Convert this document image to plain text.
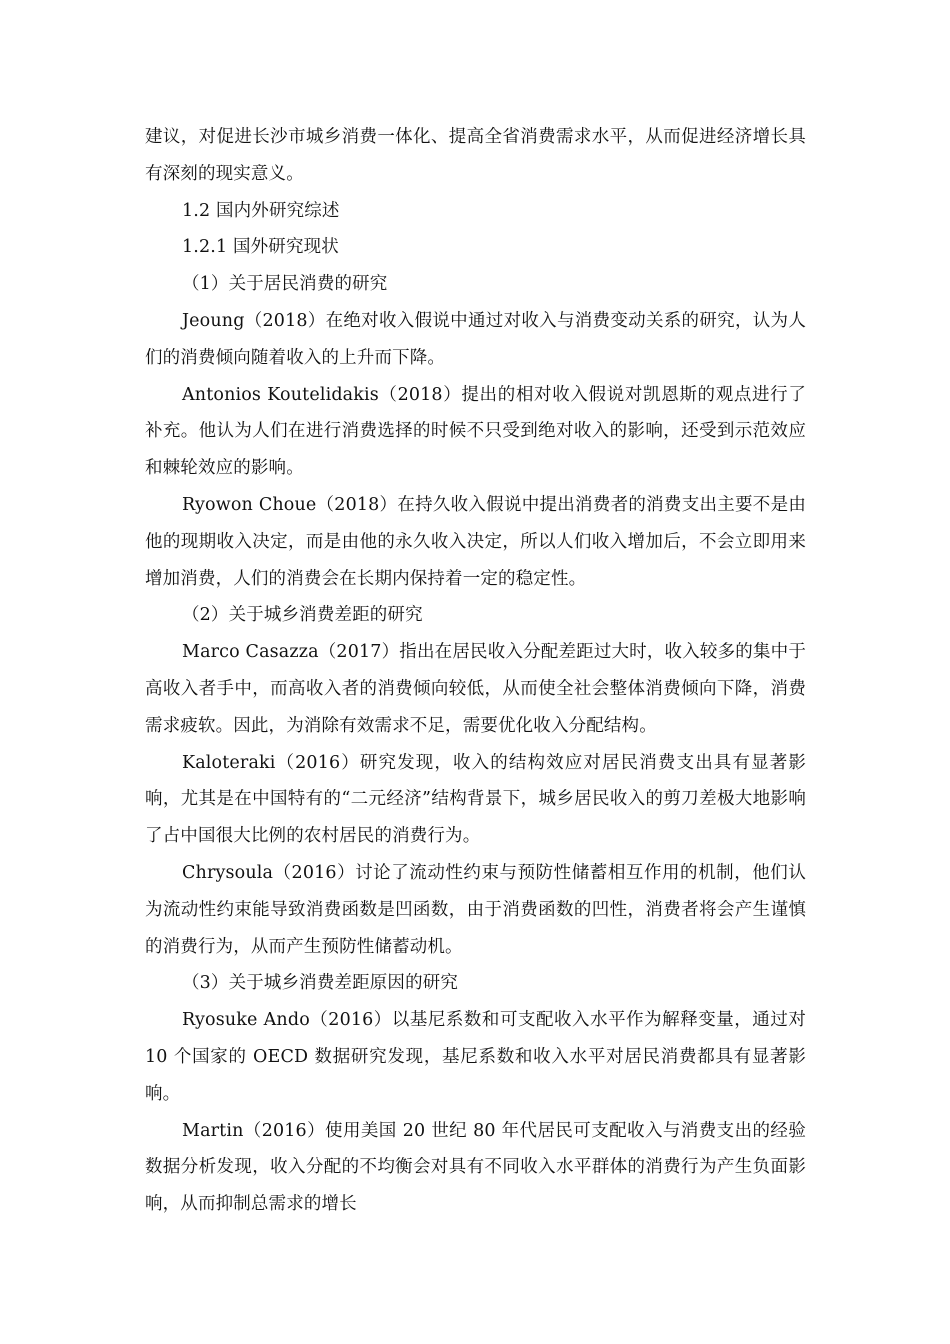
建议，对促进长沙市城乡消费一体化、提高全省消费需求水平，从而促进经济增长具有深刻的现实意义。

1.2 国内外研究综述

1.2.1 国外研究现状

（1）关于居民消费的研究

Jeoung（2018）在绝对收入假说中通过对收入与消费变动关系的研究，认为人们的消费倾向随着收入的上升而下降。

Antonios Koutelidakis（2018）提出的相对收入假说对凯恩斯的观点进行了补充。他认为人们在进行消费选择的时候不只受到绝对收入的影响，还受到示范效应和棘轮效应的影响。

Ryowon Choue（2018）在持久收入假说中提出消费者的消费支出主要不是由他的现期收入决定，而是由他的永久收入决定，所以人们收入增加后，不会立即用来增加消费，人们的消费会在长期内保持着一定的稳定性。

（2）关于城乡消费差距的研究

Marco Casazza（2017）指出在居民收入分配差距过大时，收入较多的集中于高收入者手中，而高收入者的消费倾向较低，从而使全社会整体消费倾向下降，消费需求疲软。因此，为消除有效需求不足，需要优化收入分配结构。

Kaloteraki（2016）研究发现，收入的结构效应对居民消费支出具有显著影响，尤其是在中国特有的“二元经济”结构背景下，城乡居民收入的剪刀差极大地影响了占中国很大比例的农村居民的消费行为。

Chrysoula（2016）讨论了流动性约束与预防性储蓄相互作用的机制，他们认为流动性约束能导致消费函数是凹函数，由于消费函数的凹性，消费者将会产生谨慎的消费行为，从而产生预防性储蓄动机。

（3）关于城乡消费差距原因的研究

Ryosuke Ando（2016）以基尼系数和可支配收入水平作为解释变量，通过对 10 个国家的 OECD 数据研究发现，基尼系数和收入水平对居民消费都具有显著影响。

Martin（2016）使用美国 20 世纪 80 年代居民可支配收入与消费支出的经验数据分析发现，收入分配的不均衡会对具有不同收入水平群体的消费行为产生负面影响，从而抑制总需求的增长
